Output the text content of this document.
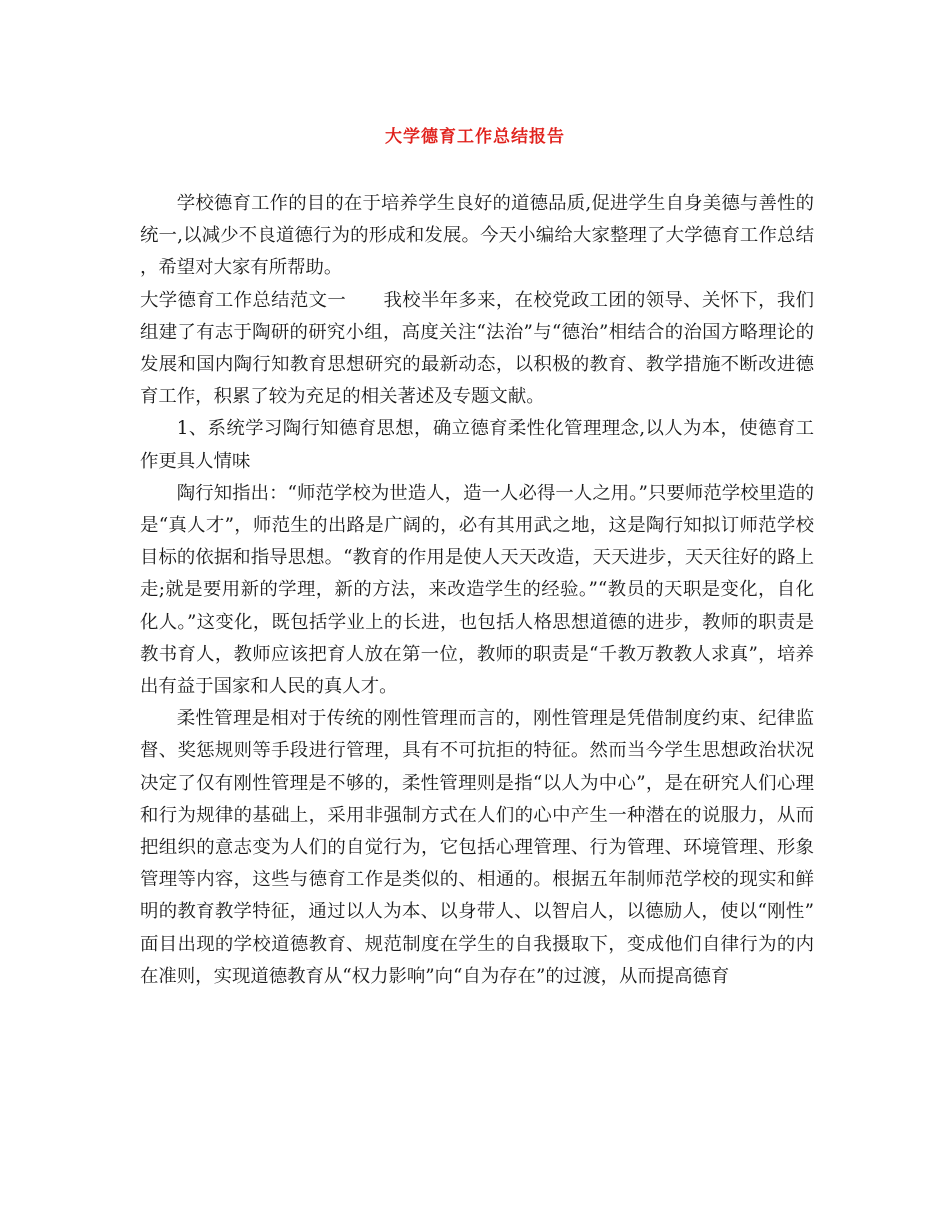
大学德育工作总结报告

学校德育工作的目的在于培养学生良好的道德品质,促进学生自身美德与善性的统一,以减少不良道德行为的形成和发展。今天小编给大家整理了大学德育工作总结，希望对大家有所帮助。

大学德育工作总结范文一　　我校半年多来，在校党政工团的领导、关怀下，我们组建了有志于陶研的研究小组，高度关注“法治”与“德治”相结合的治国方略理论的发展和国内陶行知教育思想研究的最新动态，以积极的教育、教学措施不断改进德育工作，积累了较为充足的相关著述及专题文献。

1、系统学习陶行知德育思想，确立德育柔性化管理理念,以人为本，使德育工作更具人情味

陶行知指出：“师范学校为世造人，造一人必得一人之用。”只要师范学校里造的是“真人才”，师范生的出路是广阔的，必有其用武之地，这是陶行知拟订师范学校目标的依据和指导思想。“教育的作用是使人天天改造，天天进步，天天往好的路上走;就是要用新的学理，新的方法，来改造学生的经验。”“教员的天职是变化，自化化人。”这变化，既包括学业上的长进，也包括人格思想道德的进步，教师的职责是教书育人，教师应该把育人放在第一位，教师的职责是“千教万教教人求真”，培养出有益于国家和人民的真人才。

柔性管理是相对于传统的刚性管理而言的，刚性管理是凭借制度约束、纪律监督、奖惩规则等手段进行管理，具有不可抗拒的特征。然而当今学生思想政治状况决定了仅有刚性管理是不够的，柔性管理则是指“以人为中心”，是在研究人们心理和行为规律的基础上，采用非强制方式在人们的心中产生一种潜在的说服力，从而把组织的意志变为人们的自觉行为，它包括心理管理、行为管理、环境管理、形象管理等内容，这些与德育工作是类似的、相通的。根据五年制师范学校的现实和鲜明的教育教学特征，通过以人为本、以身带人、以智启人，以德励人，使以“刚性”面目出现的学校道德教育、规范制度在学生的自我摄取下，变成他们自律行为的内在准则，实现道德教育从“权力影响”向“自为存在”的过渡，从而提高德育
